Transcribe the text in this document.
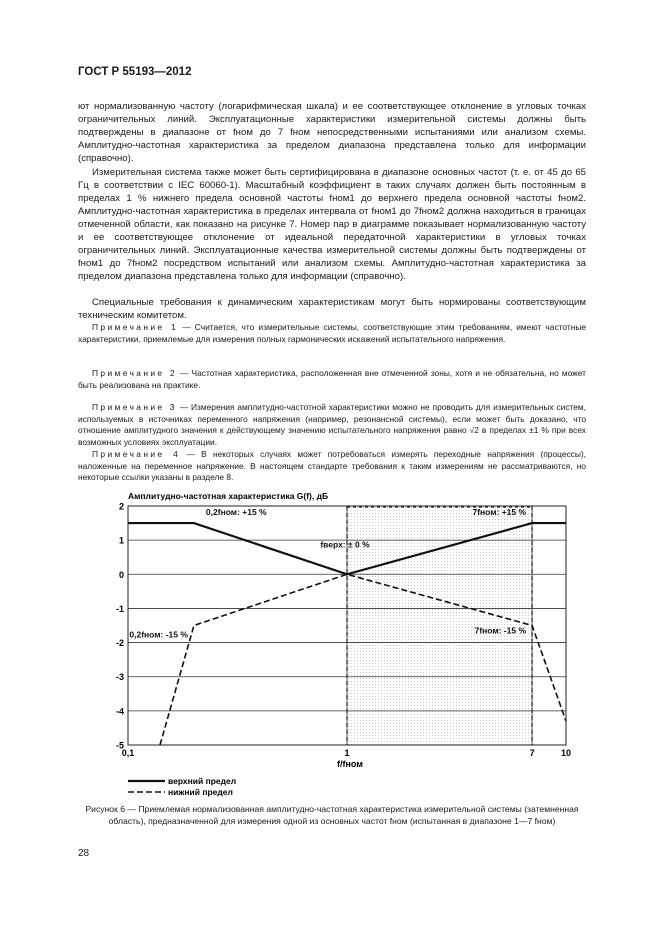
ГОСТ Р 55193—2012

ют нормализованную частоту (логарифмическая шкала) и ее соответствующее отклонение в угловых точках ограничительных линий. Эксплуатационные характеристики измерительной системы должны быть подтверждены в диапазоне от fном до 7 fном непосредственными испытаниями или анализом схемы. Амплитудно-частотная характеристика за пределом диапазона представлена только для информации (справочно).

Измерительная система также может быть сертифицирована в диапазоне основных частот (т. е. от 45 до 65 Гц в соответствии с IEC 60060-1). Масштабный коэффициент в таких случаях должен быть постоянным в пределах 1 % нижнего предела основной частоты fном1 до верхнего предела основной частоты fном2. Амплитудно-частотная характеристика в пределах интервала от fном1 до 7fном2 должна находиться в границах отмеченной области, как показано на рисунке 7. Номер пар в диаграмме показывает нормализованную частоту и ее соответствующее отклонение от идеальной передаточной характеристики в угловых точках ограничительных линий. Эксплуатационные качества измерительной системы должны быть подтверждены от fном1 до 7fном2 посредством испытаний или анализом схемы. Амплитудно-частотная характеристика за пределом диапазона представлена только для информации (справочно).

Специальные требования к динамическим характеристикам могут быть нормированы соответствующим техническим комитетом.

Примечание 1 — Считается, что измерительные системы, соответствующие этим требованиям, имеют частотные характеристики, приемлемые для измерения полных гармонических искажений испытательного напряжения.

Примечание 2 — Частотная характеристика, расположенная вне отмеченной зоны, хотя и не обязательна, но может быть реализована на практике.

Примечание 3 — Измерения амплитудно-частотной характеристики можно не проводить для измерительных систем, используемых в источниках переменного напряжения (например, резонансной системы), если может быть доказано, что отношение амплитудного значения к действующему значению испытательного напряжения равно √2 в пределах ±1 % при всех возможных условиях эксплуатации.

Примечание 4 — В некоторых случаях может потребоваться измерять переходные напряжения (процессы), наложенные на переменное напряжение. В настоящем стандарте требования к таким измерениям не рассматриваются, но некоторые ссылки указаны в разделе 8.

Амплитудно-частотная характеристика G(f), дБ
2
1
0
-1
-2
-3
-4
-5
0,1	1	7	10
f/fном
0,2fном: +15 %	7fном: +15 %
fверх: ± 0 %
0,2fном: -15 %	7fном: -15 %
верхний предел
нижний предел

Рисунок 6 — Приемлемая нормализованная амплитудно-частотная характеристика измерительной системы (затемненная область), предназначенной для измерения одной из основных частот fном (испытанная в диапазоне 1—7 fном)

28
